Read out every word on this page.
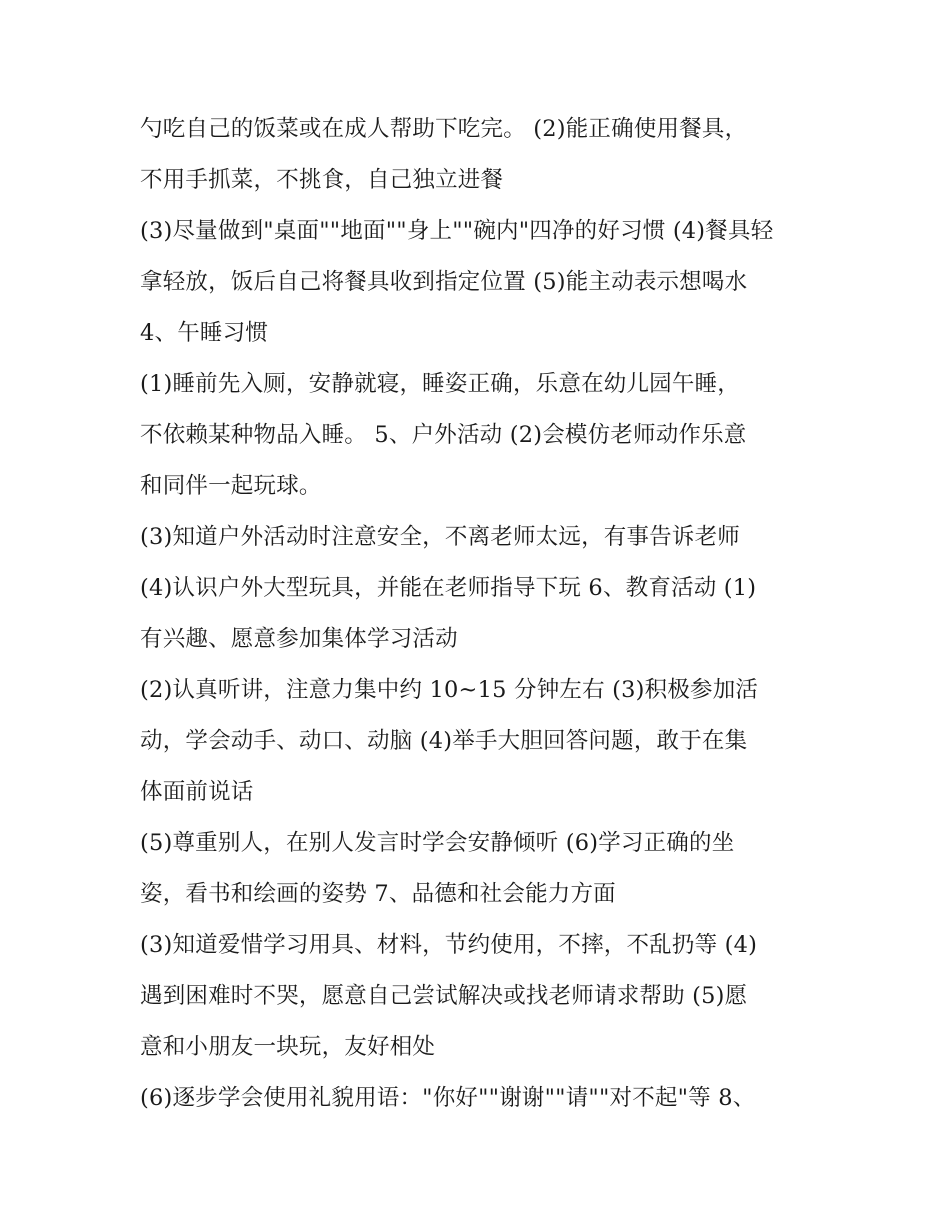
勺吃自己的饭菜或在成人帮助下吃完。 (2)能正确使用餐具，
不用手抓菜，不挑食，自己独立进餐
(3)尽量做到"桌面""地面""身上""碗内"四净的好习惯 (4)餐具轻
拿轻放，饭后自己将餐具收到指定位置 (5)能主动表示想喝水
4、午睡习惯
(1)睡前先入厕，安静就寝，睡姿正确，乐意在幼儿园午睡，
不依赖某种物品入睡。 5、户外活动 (2)会模仿老师动作乐意
和同伴一起玩球。
(3)知道户外活动时注意安全，不离老师太远，有事告诉老师
(4)认识户外大型玩具，并能在老师指导下玩 6、教育活动 (1)
有兴趣、愿意参加集体学习活动
(2)认真听讲，注意力集中约 10~15 分钟左右 (3)积极参加活
动，学会动手、动口、动脑 (4)举手大胆回答问题，敢于在集
体面前说话
(5)尊重别人，在别人发言时学会安静倾听 (6)学习正确的坐
姿，看书和绘画的姿势 7、品德和社会能力方面
(3)知道爱惜学习用具、材料，节约使用，不摔，不乱扔等 (4)
遇到困难时不哭，愿意自己尝试解决或找老师请求帮助 (5)愿
意和小朋友一块玩，友好相处
(6)逐步学会使用礼貌用语："你好""谢谢""请""对不起"等 8、
